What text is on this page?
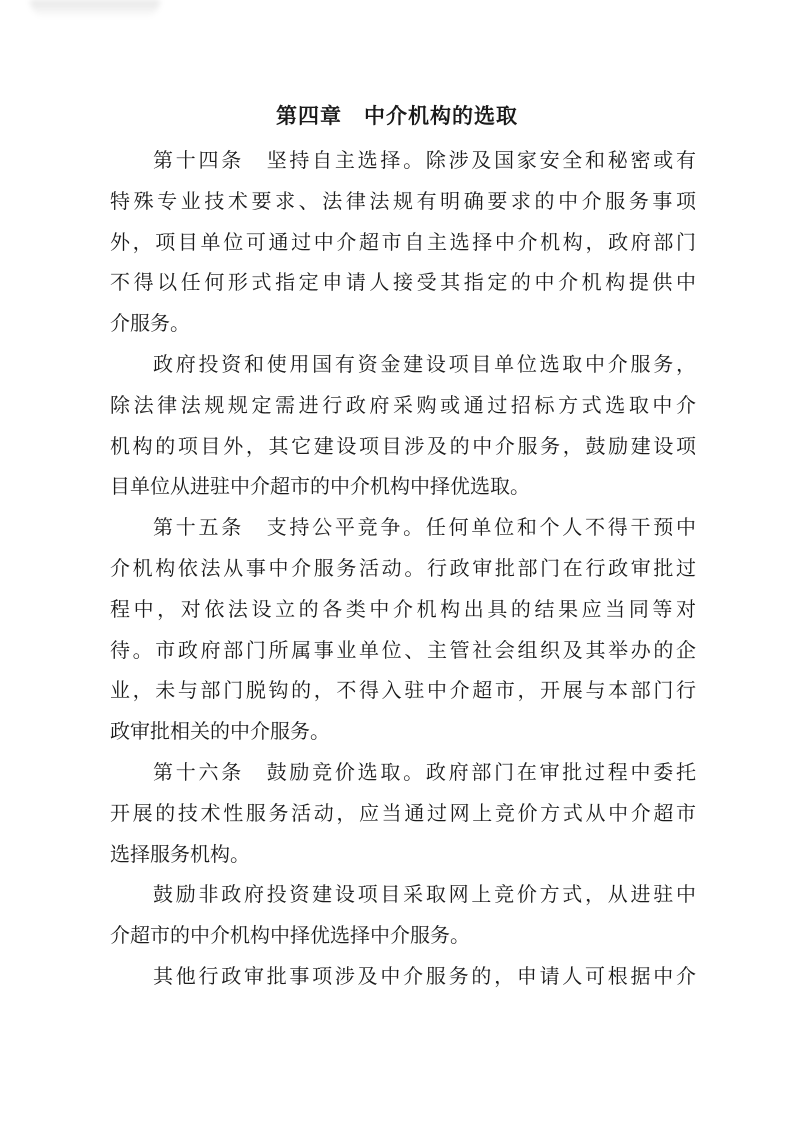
第四章　中介机构的选取
第十四条　坚持自主选择。除涉及国家安全和秘密或有
特殊专业技术要求、法律法规有明确要求的中介服务事项
外，项目单位可通过中介超市自主选择中介机构，政府部门
不得以任何形式指定申请人接受其指定的中介机构提供中
介服务。
政府投资和使用国有资金建设项目单位选取中介服务，
除法律法规规定需进行政府采购或通过招标方式选取中介
机构的项目外，其它建设项目涉及的中介服务，鼓励建设项
目单位从进驻中介超市的中介机构中择优选取。
第十五条　支持公平竞争。任何单位和个人不得干预中
介机构依法从事中介服务活动。行政审批部门在行政审批过
程中，对依法设立的各类中介机构出具的结果应当同等对
待。市政府部门所属事业单位、主管社会组织及其举办的企
业，未与部门脱钩的，不得入驻中介超市，开展与本部门行
政审批相关的中介服务。
第十六条　鼓励竞价选取。政府部门在审批过程中委托
开展的技术性服务活动，应当通过网上竞价方式从中介超市
选择服务机构。
鼓励非政府投资建设项目采取网上竞价方式，从进驻中
介超市的中介机构中择优选择中介服务。
其他行政审批事项涉及中介服务的，申请人可根据中介
